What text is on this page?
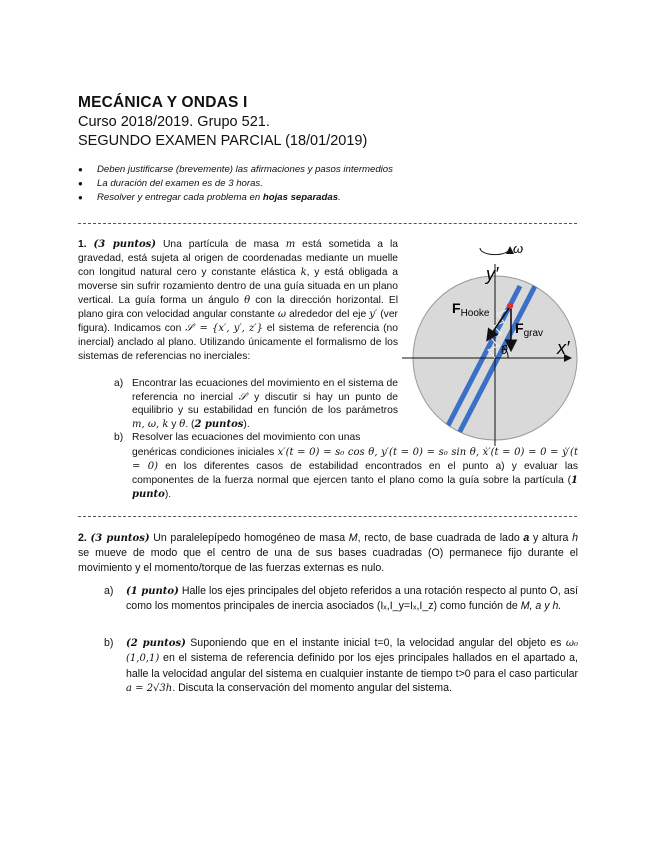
MECÁNICA Y ONDAS I
Curso 2018/2019. Grupo 521.
SEGUNDO EXAMEN PARCIAL (18/01/2019)
● Deben justificarse (brevemente) las afirmaciones y pasos intermedios
● La duración del examen es de 3 horas.
● Resolver y entregar cada problema en hojas separadas.

1. (3 puntos) Una partícula de masa m está sometida a la gravedad, está sujeta al origen de coordenadas mediante un muelle con longitud natural cero y constante elástica k, y está obligada a moverse sin sufrir rozamiento dentro de una guía situada en un plano vertical. La guía forma un ángulo θ con la dirección horizontal. El plano gira con velocidad angular constante ω alrededor del eje y′ (ver figura). Indicamos con 𝒮′ = {x′, y′, z′} el sistema de referencia (no inercial) anclado al plano. Utilizando únicamente el formalismo de los sistemas de referencias no inerciales:

a) Encontrar las ecuaciones del movimiento en el sistema de referencia no inercial 𝒮′ y discutir si hay un punto de equilibrio y su estabilidad en función de los parámetros m, ω, k y θ. (2 puntos).
b) Resolver las ecuaciones del movimiento con unas
genéricas condiciones iniciales x′(t = 0) = s₀ cos θ, y′(t = 0) = s₀ sin θ, ẋ′(t = 0) = 0 = ẏ′(t = 0) en los diferentes casos de estabilidad encontrados en el punto a) y evaluar las componentes de la fuerza normal que ejercen tanto el plano como la guía sobre la partícula (1 punto).
ω
y′
x′
θ
$F_{Hooke}$
$F_{grav}$
2. (3 puntos) Un paralelepípedo homogéneo de masa M, recto, de base cuadrada de lado a y altura h se mueve de modo que el centro de una de sus bases cuadradas (O) permanece fijo durante el movimiento y el momento/torque de las fuerzas externas es nulo.
a) (1 punto) Halle los ejes principales del objeto referidos a una rotación respecto al punto O, así como los momentos principales de inercia asociados (Iₓ,I_y=Iₓ,I_z) como función de M, a y h.
b) (2 puntos) Suponiendo que en el instante inicial t=0, la velocidad angular del objeto es ω₀ (1,0,1) en el sistema de referencia definido por los ejes principales hallados en el apartado a, halle la velocidad angular del sistema en cualquier instante de tiempo t>0 para el caso particular a = 2√3h. Discuta la conservación del momento angular del sistema.
